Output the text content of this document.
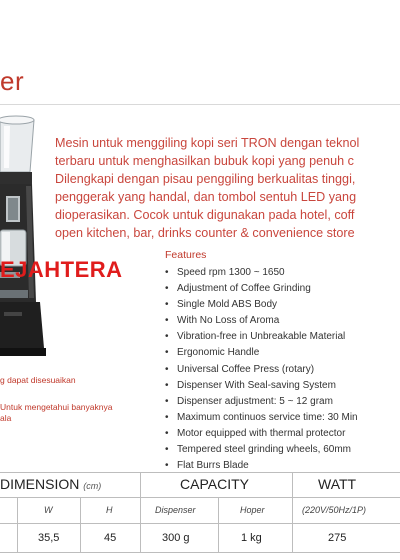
er
Mesin untuk menggiling kopi seri TRON dengan teknol
terbaru untuk menghasilkan bubuk kopi yang penuh c
Dilengkapi dengan pisau penggiling berkualitas tinggi,
penggerak yang handal, dan tombol sentuh LED yang
dioperasikan. Cocok untuk digunakan pada hotel, coff
open kitchen, bar, drinks counter & convenience store
EJAHTERA
g dapat disesuaikan
Untuk mengetahui banyaknya
ala
Features
• Speed rpm 1300 ~ 1650
• Adjustment of Coffee Grinding
• Single Mold ABS Body
• With No Loss of Aroma
• Vibration-free in Unbreakable Material
• Ergonomic Handle
• Universal Coffee Press (rotary)
• Dispenser With Seal-saving System
• Dispenser adjustment: 5 ~ 12 gram
• Maximum continuos service time: 30 Min
• Motor equipped with thermal protector
• Tempered steel grinding wheels, 60mm
• Flat Burrs Blade
DIMENSION (cm)	CAPACITY	WATT
W	H	Dispenser	Hoper	(220V/50Hz/1P)
35,5	45	300 g	1 kg	275
